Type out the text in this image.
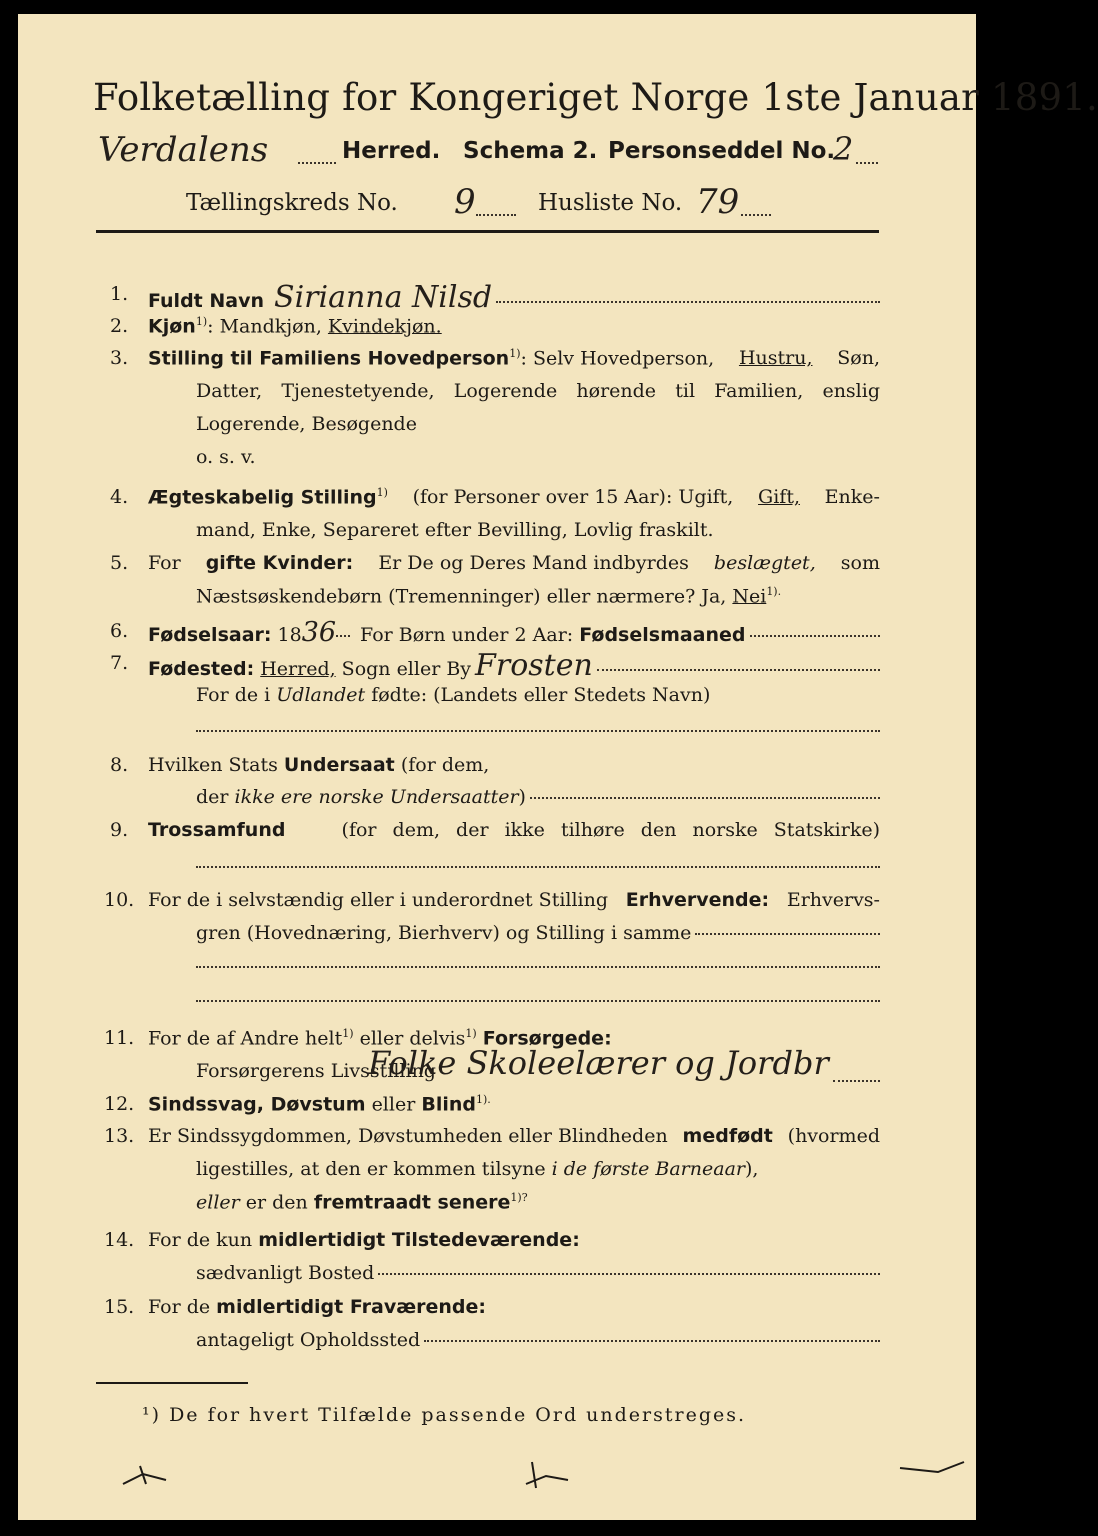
Folketælling for Kongeriget Norge 1ste Januar 1891.
Verdalens	Herred. Schema 2. Personseddel No.
2
Tællingskreds No. 9	Husliste No. 79
1. Fuldt Navn Sirianna Nilsd
2. Kjøn$^{1)}$: Mandkjøn, Kvindekjøn.
3. Stilling til Familiens Hovedperson$^{1)}$: Selv Hovedperson, Hustru, Søn,
Datter, Tjenestetyende, Logerende hørende til Familien, enslig
Logerende, Besøgende
o. s. v.
4. Ægteskabelig Stilling$^{1)}$ (for Personer over 15 Aar): Ugift, Gift, Enke-
mand, Enke, Separeret efter Bevilling, Lovlig fraskilt.
5. For gifte Kvinder: Er De og Deres Mand indbyrdes beslægtet, som
Næstsøskendebørn (Tremenninger) eller nærmere? Ja, Nei$^{1).}$
6. Fødselsaar: 18 36 For Børn under 2 Aar: Fødselsmaaned
7. Fødested: Herred, Sogn eller By Frosten
For de i Udlandet fødte: (Landets eller Stedets Navn)
8. Hvilken Stats Undersaat (for dem,
der ikke ere norske Undersaatter )
9. Trossamfund	(for dem, der ikke tilhøre den norske Statskirke)
10. For de i selvstændig eller i underordnet Stilling Erhvervende: Erhvervs-
gren (Hovednæring, Bierhverv) og Stilling i samme
11. For de af Andre helt$^{1)}$ eller delvis$^{1)}$ Forsørgede:
Forsørgerens Livsstilling
Folke Skoleelærer og Jordbr
12. Sindssvag, Døvstum eller Blind$^{1).}$
13. Er Sindssygdommen, Døvstumheden eller Blindheden medfødt (hvormed
ligestilles, at den er kommen tilsyne i de første Barneaar),
eller er den fremtraadt senere$^{1)?}$
14. For de kun midlertidigt Tilstedeværende:
sædvanligt Bosted
15. For de midlertidigt Fraværende:
antageligt Opholdssted
¹) De for hvert Tilfælde passende Ord understreges.
